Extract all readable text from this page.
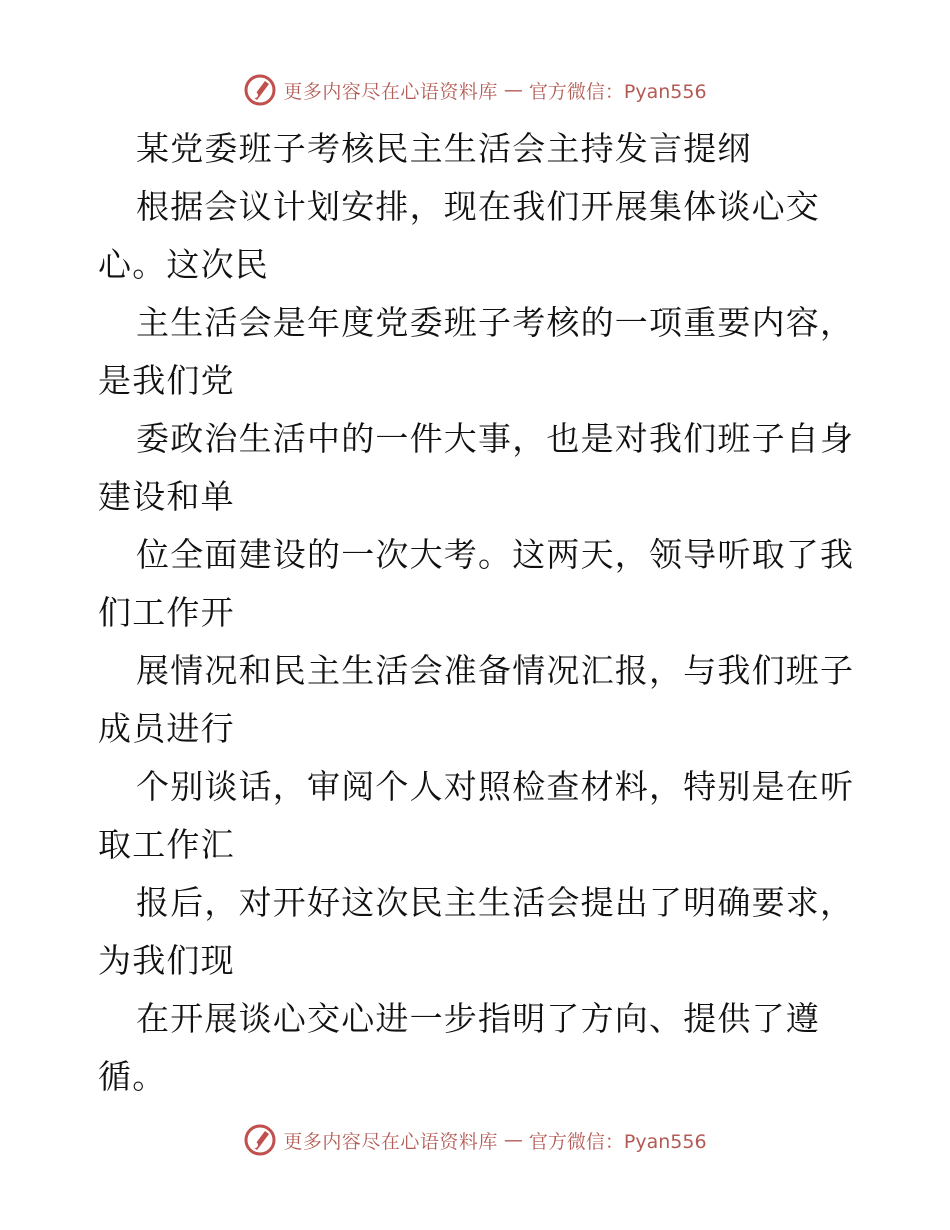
更多内容尽在心语资料库 — 官方微信：Pyan556
某党委班子考核民主生活会主持发言提纲
根据会议计划安排，现在我们开展集体谈心交
心。这次民
主生活会是年度党委班子考核的一项重要内容，
是我们党
委政治生活中的一件大事，也是对我们班子自身
建设和单
位全面建设的一次大考。这两天，领导听取了我
们工作开
展情况和民主生活会准备情况汇报，与我们班子
成员进行
个别谈话，审阅个人对照检查材料，特别是在听
取工作汇
报后，对开好这次民主生活会提出了明确要求，
为我们现
在开展谈心交心进一步指明了方向、提供了遵
循。
更多内容尽在心语资料库 — 官方微信：Pyan556
